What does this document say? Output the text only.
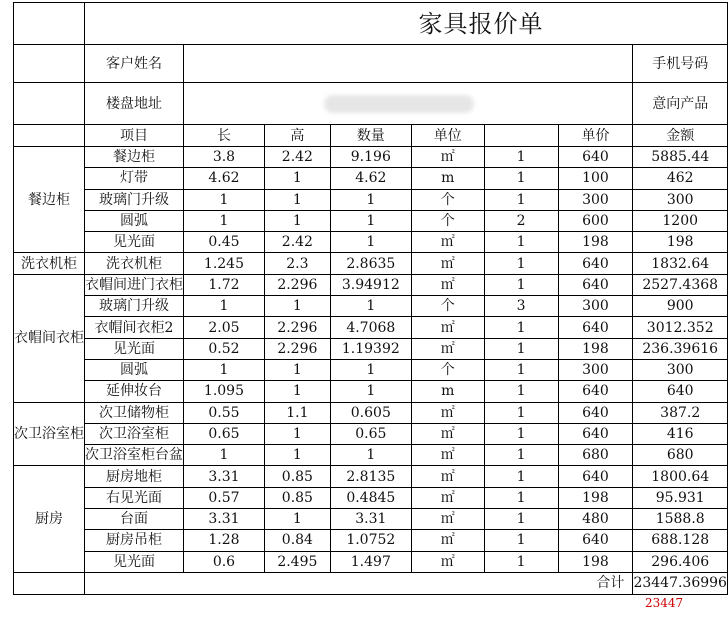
	家具报价单							
	客户姓名							手机号码
	楼盘地址							意向产品
	项目	长	高	数量	单位		单价	金额
餐边柜	餐边柜	3.8	2.42	9.196	㎡	1	640	5885.44
	灯带	4.62	1	4.62	m	1	100	462
	玻璃门升级	1	1	1	个	1	300	300
	圆弧	1	1	1	个	2	600	1200
	见光面	0.45	2.42	1	㎡	1	198	198
洗衣机柜	洗衣机柜	1.245	2.3	2.8635	㎡	1	640	1832.64
衣帽间衣柜	衣帽间进门衣柜	1.72	2.296	3.94912	㎡	1	640	2527.4368
	玻璃门升级	1	1	1	个	3	300	900
	衣帽间衣柜2	2.05	2.296	4.7068	㎡	1	640	3012.352
	见光面	0.52	2.296	1.19392	㎡	1	198	236.39616
	圆弧	1	1	1	个	1	300	300
	延伸妆台	1.095	1	1	m	1	640	640
次卫浴室柜	次卫储物柜	0.55	1.1	0.605	㎡	1	640	387.2
	次卫浴室柜	0.65	1	0.65	㎡	1	640	416
	次卫浴室柜台盆	1	1	1	㎡	1	680	680
厨房	厨房地柜	3.31	0.85	2.8135	㎡	1	640	1800.64
	右见光面	0.57	0.85	0.4845	㎡	1	198	95.931
	台面	3.31	1	3.31	㎡	1	480	1588.8
	厨房吊柜	1.28	0.84	1.0752	㎡	1	640	688.128
	见光面	0.6	2.495	1.497	㎡	1	198	296.406
	合计							23447.36996
23447
